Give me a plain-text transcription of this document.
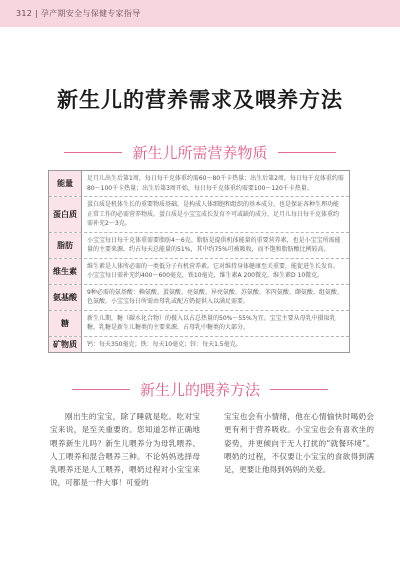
312 | 孕产期安全与保健专家指导
新生儿的营养需求及喂养方法
新生儿所需营养物质
能量
足月儿出生后第1周，每日每千克体重约需60～80千卡热量；出生后第2周，每日每千克体重约需80～100千卡热量；出生后第3周开始，每日每千克体重约需要100～120千卡热量。
蛋白质
蛋白质是机体生长的重要物质基础，是构成人体细胞和组织的基本成分，也是保证各种生理功能正常工作的必需营养物质。蛋白质是小宝宝成长发育不可或缺的成分，足月儿每日每千克体重约需补充2～3克。
脂肪
小宝宝每日每千克体重需要脂肪4～6克。脂肪是提供机体能量的重要营养素，也是小宝宝所需能量的主要来源，约占每天总能量的51%，其中约75%可被吸收，而不饱和脂肪酸比例较高。
维生素
维生素是人体所必需的一类低分子有机营养素。它对维持身体健康至关重要，能促进生长发育。小宝宝每日需补充约400～600毫克，铁10毫克，维生素A 200微克，维生素D 10微克。
氨基酸
9种必需的氨基酸：赖氨酸、蛋氨酸、亮氨酸、异亮氨酸、苏氨酸、苯丙氨酸、缬氨酸、组氨酸、色氨酸。小宝宝每日所需由母乳或配方奶提供入以满足需要。
糖
新生儿期，糖（碳水化合物）的摄入以占总热量的50%～55%为宜。宝宝主要从母乳中摄取乳糖，乳糖是新生儿糖类的主要来源，占母乳中糖类的大部分。
矿物质	钙：每天350毫克；铁：每天10毫克；锌：每天1.5毫克。
新生儿的喂养方法
刚出生的宝宝，除了睡就是吃。吃对宝宝来说，是至关重要的。您知道怎样正确地喂养新生儿吗？新生儿喂养分为母乳喂养、人工喂养和混合喂养三种。不论妈妈选择母乳喂养还是人工喂养，喂奶过程对小宝宝来说，可都是一件大事！可爱的
宝宝也会有小情绪，他在心情愉快时喝奶会更有利于营养吸收。小宝宝也会有喜欢坐的姿势，并更倾向于无人打扰的“就餐环境”。喂奶的过程，不仅要让小宝宝的食欲得到满足，更要让他得到妈妈的关爱。
